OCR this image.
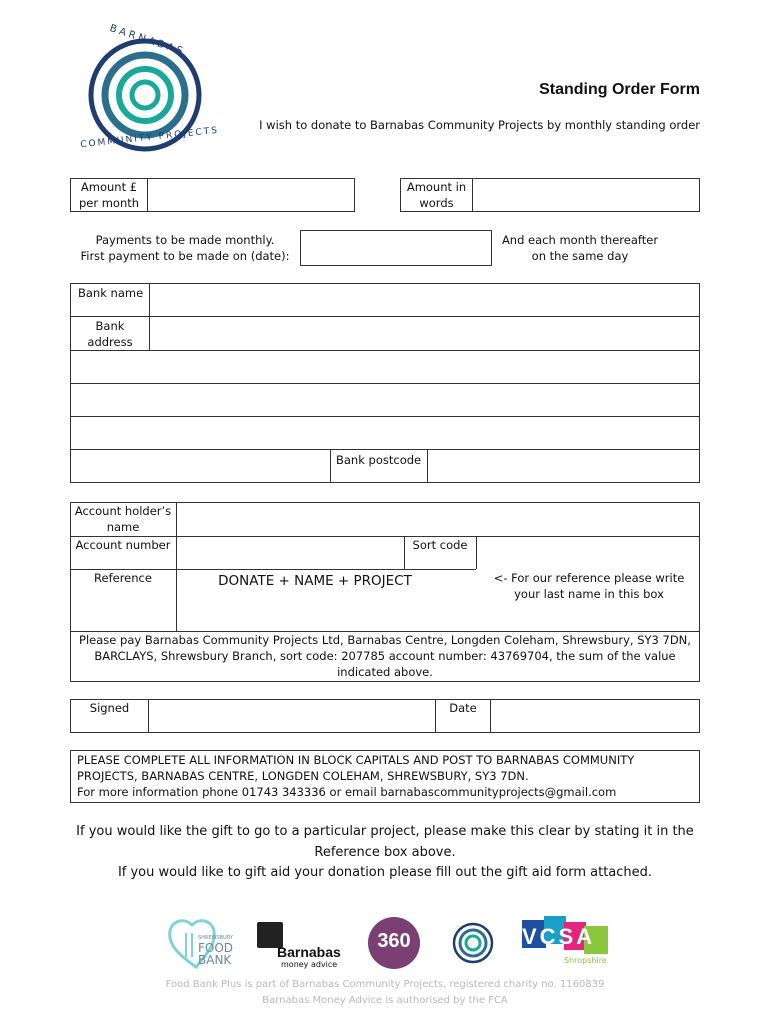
BARNABAS
COMMUNITY PROJECTS
Standing Order Form
I wish to donate to Barnabas Community Projects by monthly standing order
Amount £ per month
Amount in words
Payments to be made monthly.
First payment to be made on (date):
And each month thereafter on the same day
Bank name
Bank address
Bank postcode
Account holder’s name
Account number	Sort code
Reference	DONATE + NAME + PROJECT	<- For our reference please write your last name in this box
Please pay Barnabas Community Projects Ltd, Barnabas Centre, Longden Coleham, Shrewsbury, SY3 7DN, BARCLAYS, Shrewsbury Branch, sort code: 207785 account number: 43769704, the sum of the value indicated above.
Signed	Date
PLEASE COMPLETE ALL INFORMATION IN BLOCK CAPITALS AND POST TO BARNABAS COMMUNITY
PROJECTS, BARNABAS CENTRE, LONGDEN COLEHAM, SHREWSBURY, SY3 7DN.
For more information phone 01743 343336 or email barnabascommunityprojects@gmail.com
If you would like the gift to go to a particular project, please make this clear by stating it in the
Reference box above.
If you would like to gift aid your donation please fill out the gift aid form attached.
SHREWSBURY
FOOD
BANK	Barnabas
money advice
360	VCSA
Shropshire
Food Bank Plus is part of Barnabas Community Projects, registered charity no. 1160839
Barnabas Money Advice is authorised by the FCA
